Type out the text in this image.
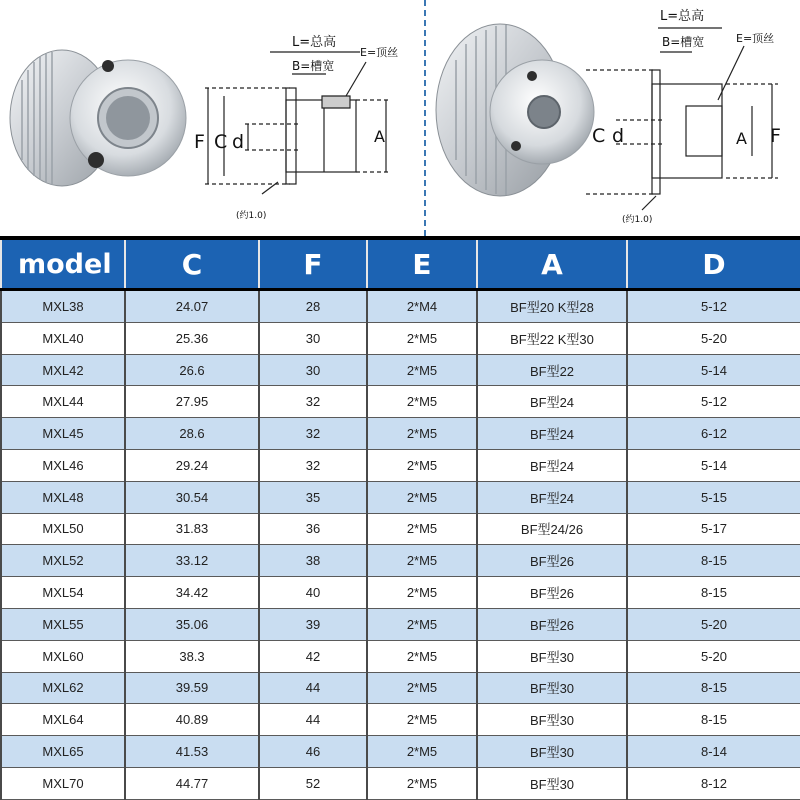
L=总高
B=槽宽
E=顶丝
F C d	A
(约1.0)
L=总高
B=槽宽	E=顶丝
C d	A F
(约1.0)
model	C	F	E	A	D
MXL38	24.07	28	2*M4	BF型20 K型28	5-12
MXL40	25.36	30	2*M5	BF型22 K型30	5-20
MXL42	26.6	30	2*M5	BF型22	5-14
MXL44	27.95	32	2*M5	BF型24	5-12
MXL45	28.6	32	2*M5	BF型24	6-12
MXL46	29.24	32	2*M5	BF型24	5-14
MXL48	30.54	35	2*M5	BF型24	5-15
MXL50	31.83	36	2*M5	BF型24/26	5-17
MXL52	33.12	38	2*M5	BF型26	8-15
MXL54	34.42	40	2*M5	BF型26	8-15
MXL55	35.06	39	2*M5	BF型26	5-20
MXL60	38.3	42	2*M5	BF型30	5-20
MXL62	39.59	44	2*M5	BF型30	8-15
MXL64	40.89	44	2*M5	BF型30	8-15
MXL65	41.53	46	2*M5	BF型30	8-14
MXL70	44.77	52	2*M5	BF型30	8-12
